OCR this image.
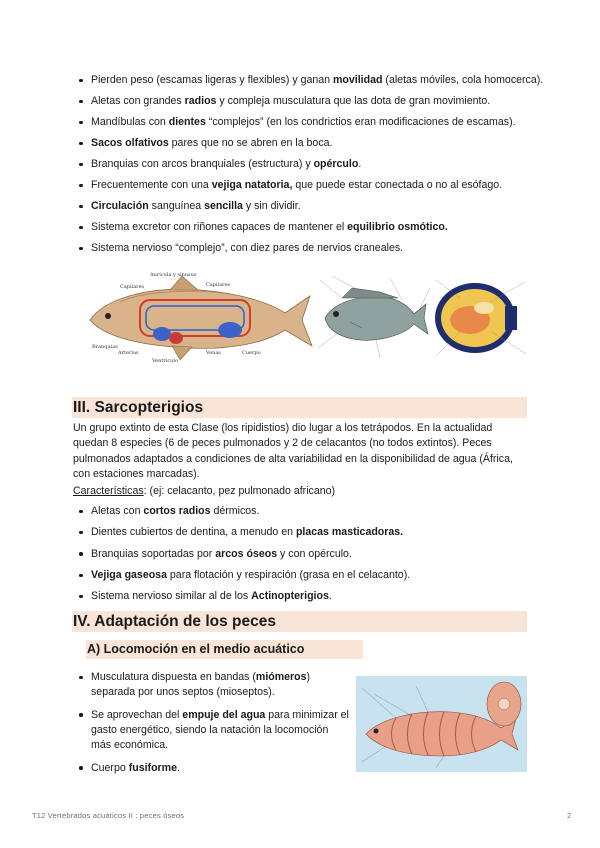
Pierden peso (escamas ligeras y flexibles) y ganan movilidad (aletas móviles, cola homocerca).
Aletas con grandes radios y compleja musculatura que las dota de gran movimiento.
Mandíbulas con dientes “complejos” (en los condrictios eran modificaciones de escamas).
Sacos olfativos pares que no se abren en la boca.
Branquias con arcos branquiales (estructura) y opérculo.
Frecuentemente con una vejiga natatoria, que puede estar conectada o no al esófago.
Circulación sanguínea sencilla y sin dividir.
Sistema excretor con riñones capaces de mantener el equilibrio osmótico.
Sistema nervioso “complejo”, con diez pares de nervios craneales.
Capilares
Aurícula y sinusus
Capilares
Branquias
Arterias
Ventrículo
Venas	Cuerpo
III. Sarcopterigios

Un grupo extinto de esta Clase (los ripidistios) dio lugar a los tetrápodos. En la actualidad quedan 8 especies (6 de peces pulmonados y 2 de celacantos (no todos extintos). Peces pulmonados adaptados a condiciones de alta variabilidad en la disponibilidad de agua (África, con estaciones marcadas).

Características: (ej: celacanto, pez pulmonado africano)

Aletas con cortos radios dérmicos.
Dientes cubiertos de dentina, a menudo en placas masticadoras.
Branquias soportadas por arcos óseos y con opérculo.
Vejiga gaseosa para flotación y respiración (grasa en el celacanto).
Sistema nervioso similar al de los Actinopterigios.
IV. Adaptación de los peces
A) Locomoción en el medio acuático
Musculatura dispuesta en bandas (miómeros) separada por unos septos (mioseptos).
Se aprovechan del empuje del agua para minimizar el gasto energético, siendo la natación la locomoción más económica.
Cuerpo fusiforme.
T12 Vertebrados acuáticos II : peces óseos	2
